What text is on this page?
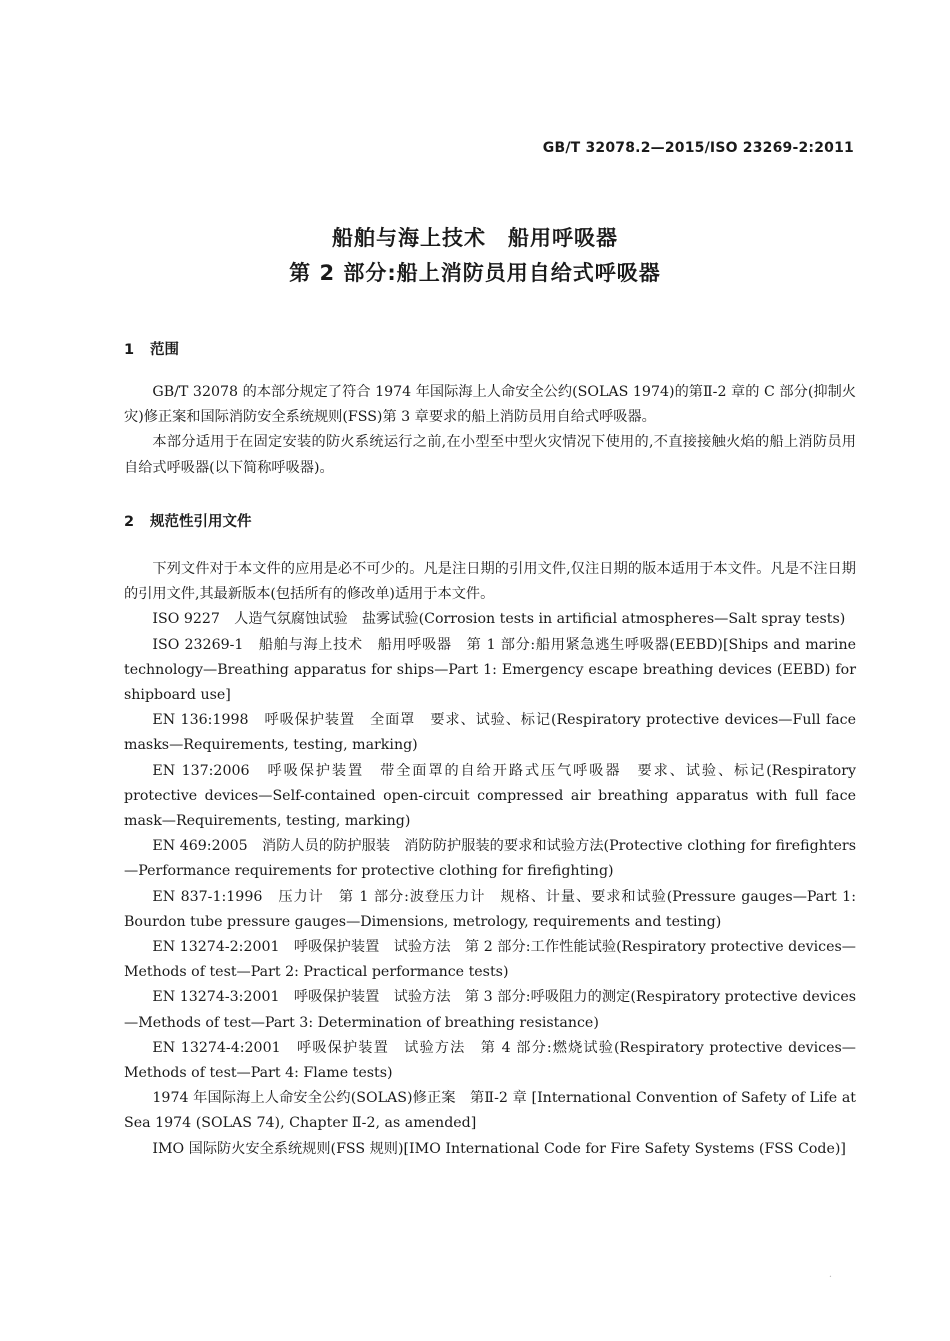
GB/T 32078.2—2015/ISO 23269-2:2011
船舶与海上技术　船用呼吸器
第 2 部分:船上消防员用自给式呼吸器
1 范围

GB/T 32078 的本部分规定了符合 1974 年国际海上人命安全公约(SOLAS 1974)的第Ⅱ-2 章的 C 部分(抑制火灾)修正案和国际消防安全系统规则(FSS)第 3 章要求的船上消防员用自给式呼吸器。

本部分适用于在固定安装的防火系统运行之前,在小型至中型火灾情况下使用的,不直接接触火焰的船上消防员用自给式呼吸器(以下简称呼吸器)。

2 规范性引用文件

下列文件对于本文件的应用是必不可少的。凡是注日期的引用文件,仅注日期的版本适用于本文件。凡是不注日期的引用文件,其最新版本(包括所有的修改单)适用于本文件。

ISO 9227　人造气氛腐蚀试验　盐雾试验(Corrosion tests in artificial atmospheres—Salt spray tests)

ISO 23269-1　船舶与海上技术　船用呼吸器　第 1 部分:船用紧急逃生呼吸器(EEBD)[Ships and marine technology—Breathing apparatus for ships—Part 1: Emergency escape breathing devices (EEBD) for shipboard use]

EN 136:1998　呼吸保护装置　全面罩　要求、试验、标记(Respiratory protective devices—Full face masks—Requirements, testing, marking)

EN 137:2006　呼吸保护装置　带全面罩的自给开路式压气呼吸器　要求、试验、标记(Respiratory protective devices—Self-contained open-circuit compressed air breathing apparatus with full face mask—Requirements, testing, marking)

EN 469:2005　消防人员的防护服装　消防防护服装的要求和试验方法(Protective clothing for firefighters—Performance requirements for protective clothing for firefighting)

EN 837-1:1996　压力计　第 1 部分:波登压力计　规格、计量、要求和试验(Pressure gauges—Part 1: Bourdon tube pressure gauges—Dimensions, metrology, requirements and testing)

EN 13274-2:2001　呼吸保护装置　试验方法　第 2 部分:工作性能试验(Respiratory protective devices—Methods of test—Part 2: Practical performance tests)

EN 13274-3:2001　呼吸保护装置　试验方法　第 3 部分:呼吸阻力的测定(Respiratory protective devices—Methods of test—Part 3: Determination of breathing resistance)

EN 13274-4:2001　呼吸保护装置　试验方法　第 4 部分:燃烧试验(Respiratory protective devices—Methods of test—Part 4: Flame tests)

1974 年国际海上人命安全公约(SOLAS)修正案　第Ⅱ-2 章 [International Convention of Safety of Life at Sea 1974 (SOLAS 74), Chapter Ⅱ-2, as amended]

IMO 国际防火安全系统规则(FSS 规则)[IMO International Code for Fire Safety Systems (FSS Code)]

·
